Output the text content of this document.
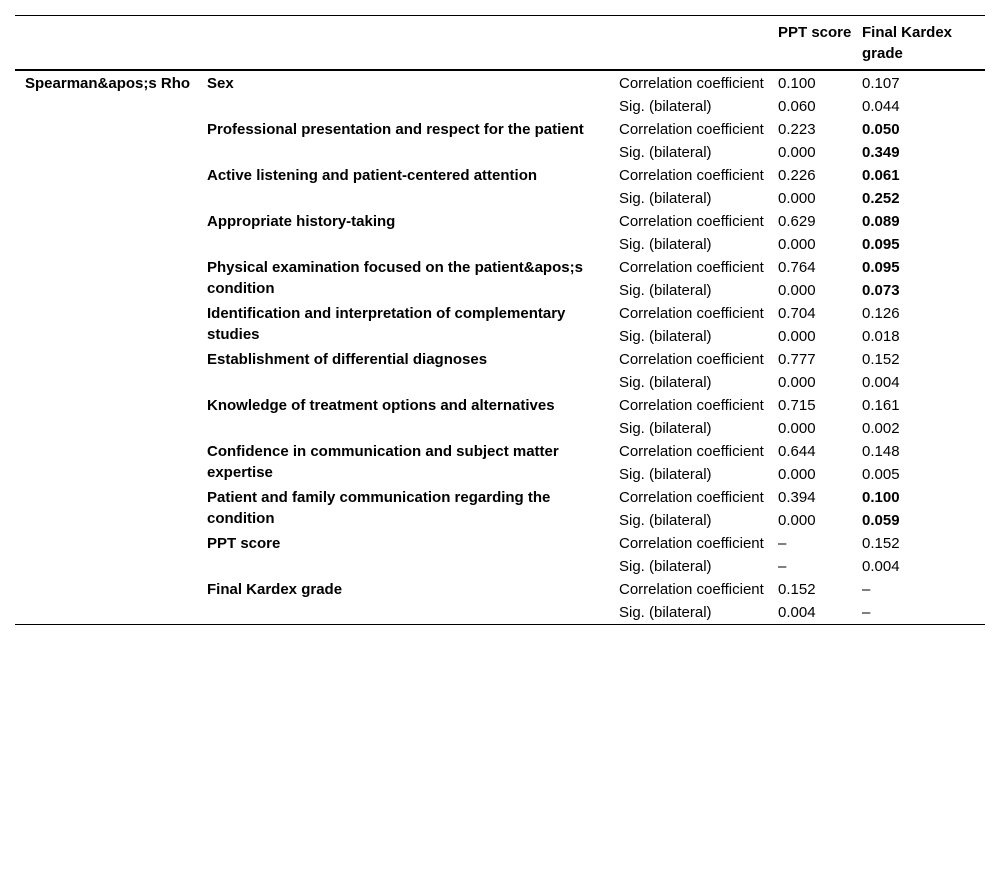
			PPT score	Final Kardex grade
Spearman&apos;s Rho	Sex	Correlation coefficient	0.100	0.107
		Sig. (bilateral)	0.060	0.044
	Professional presentation and respect for the patient	Correlation coefficient	0.223	0.050
		Sig. (bilateral)	0.000	0.349
	Active listening and patient-centered attention	Correlation coefficient	0.226	0.061
		Sig. (bilateral)	0.000	0.252
	Appropriate history-taking	Correlation coefficient	0.629	0.089
		Sig. (bilateral)	0.000	0.095
	Physical examination focused on the patient&apos;s condition	Correlation coefficient	0.764	0.095
		Sig. (bilateral)	0.000	0.073
	Identification and interpretation of complementary studies	Correlation coefficient	0.704	0.126
		Sig. (bilateral)	0.000	0.018
	Establishment of differential diagnoses	Correlation coefficient	0.777	0.152
		Sig. (bilateral)	0.000	0.004
	Knowledge of treatment options and alternatives	Correlation coefficient	0.715	0.161
		Sig. (bilateral)	0.000	0.002
	Confidence in communication and subject matter expertise	Correlation coefficient	0.644	0.148
		Sig. (bilateral)	0.000	0.005
	Patient and family communication regarding the condition	Correlation coefficient	0.394	0.100
		Sig. (bilateral)	0.000	0.059
	PPT score	Correlation coefficient	–	0.152
		Sig. (bilateral)	–	0.004
	Final Kardex grade	Correlation coefficient	0.152	–
		Sig. (bilateral)	0.004	–
